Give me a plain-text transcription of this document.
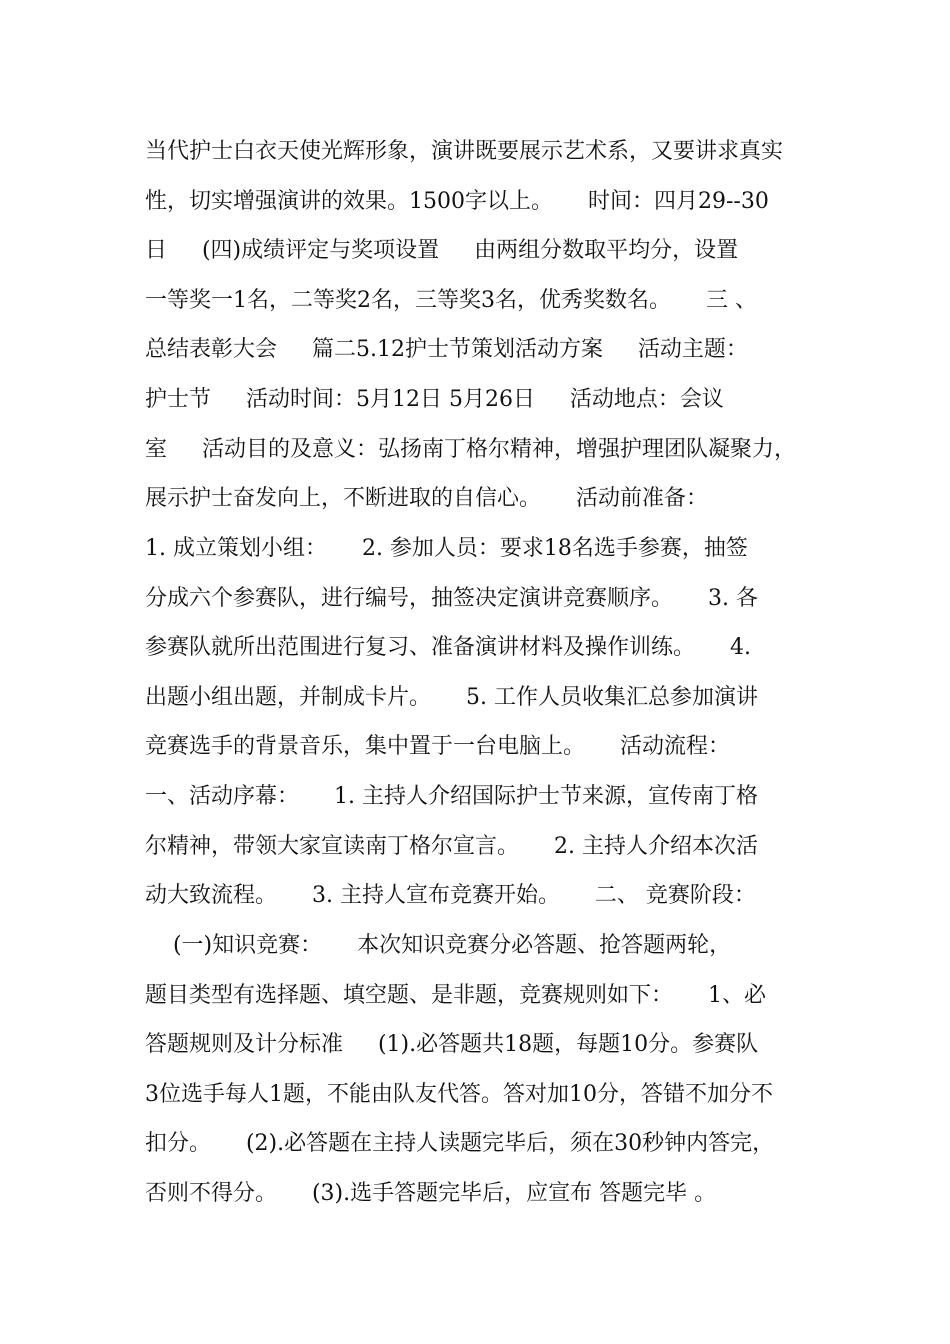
当代护士白衣天使光辉形象，演讲既要展示艺术系，又要讲求真实
性，切实增强演讲的效果。1500字以上。     时间：四月29--30
日     (四)成绩评定与奖项设置     由两组分数取平均分，设置
一等奖一1名，二等奖2名，三等奖3名，优秀奖数名。     三 、
总结表彰大会     篇二5.12护士节策划活动方案     活动主题：
护士节     活动时间：5月12日 5月26日     活动地点：会议
室     活动目的及意义：弘扬南丁格尔精神，增强护理团队凝聚力，
展示护士奋发向上，不断进取的自信心。     活动前准备：
1. 成立策划小组：     2. 参加人员：要求18名选手参赛，抽签
分成六个参赛队，进行编号，抽签决定演讲竞赛顺序。     3. 各
参赛队就所出范围进行复习、准备演讲材料及操作训练。     4.
出题小组出题，并制成卡片。     5. 工作人员收集汇总参加演讲
竞赛选手的背景音乐，集中置于一台电脑上。     活动流程：
一、活动序幕：     1. 主持人介绍国际护士节来源，宣传南丁格
尔精神，带领大家宣读南丁格尔宣言。     2. 主持人介绍本次活
动大致流程。     3. 主持人宣布竞赛开始。     二、 竞赛阶段：
(一)知识竞赛：     本次知识竞赛分必答题、抢答题两轮，
题目类型有选择题、填空题、是非题，竞赛规则如下：     1、必
答题规则及计分标准     (1).必答题共18题，每题10分。参赛队
3位选手每人1题，不能由队友代答。答对加10分，答错不加分不
扣分。     (2).必答题在主持人读题完毕后，须在30秒钟内答完，
否则不得分。     (3).选手答题完毕后，应宣布 答题完毕 。
